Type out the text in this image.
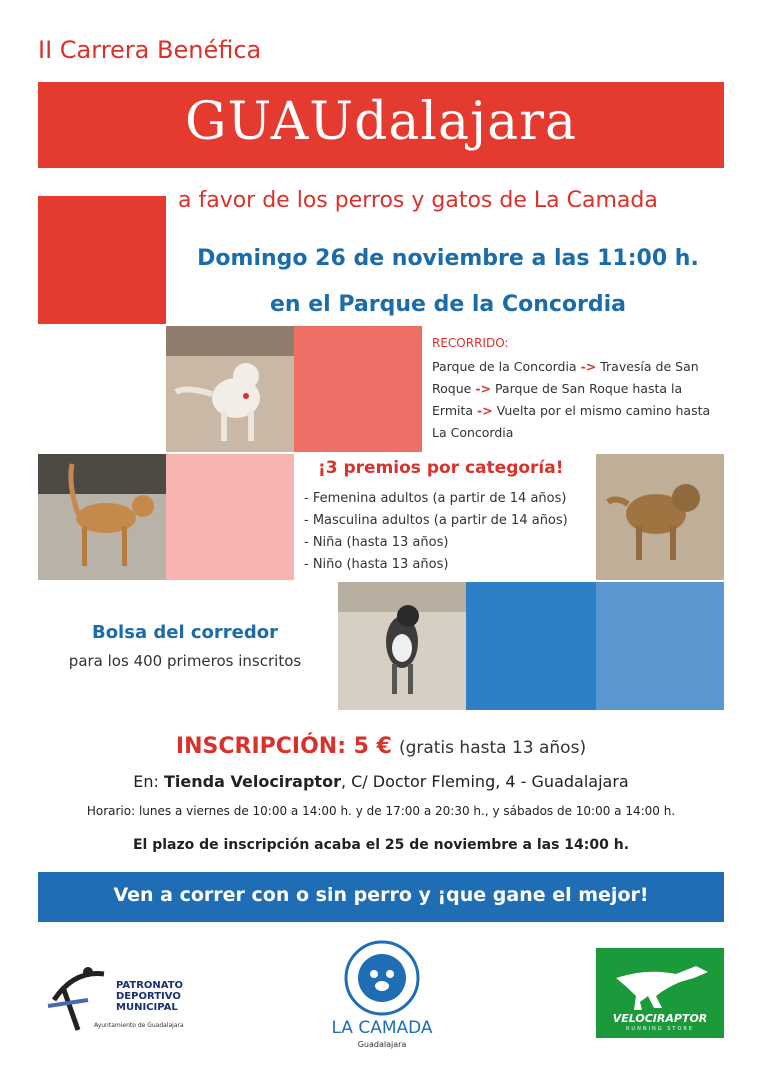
II Carrera Benéfica
GUAUdalajara
a favor de los perros y gatos de La Camada
Domingo 26 de noviembre a las 11:00 h.
en el Parque de la Concordia
RECORRIDO:
Parque de la Concordia -> Travesía de San Roque -> Parque de San Roque hasta la Ermita -> Vuelta por el mismo camino hasta La Concordia
¡3 premios por categoría!
- Femenina adultos (a partir de 14 años)
- Masculina adultos (a partir de 14 años)
- Niña (hasta 13 años)
- Niño (hasta 13 años)
Bolsa del corredor
para los 400 primeros inscritos
INSCRIPCIÓN: 5 € (gratis hasta 13 años)
En: Tienda Velociraptor, C/ Doctor Fleming, 4 - Guadalajara
Horario: lunes a viernes de 10:00 a 14:00 h. y de 17:00 a 20:30 h., y sábados de 10:00 a 14:00 h.
El plazo de inscripción acaba el 25 de noviembre a las 14:00 h.
Ven a correr con o sin perro y ¡que gane el mejor!
PATRONATO
DEPORTIVO
MUNICIPAL
Ayuntamiento de Guadalajara	LA CAMADA
Guadalajara
VELOCIRAPTOR
RUNNING STORE
